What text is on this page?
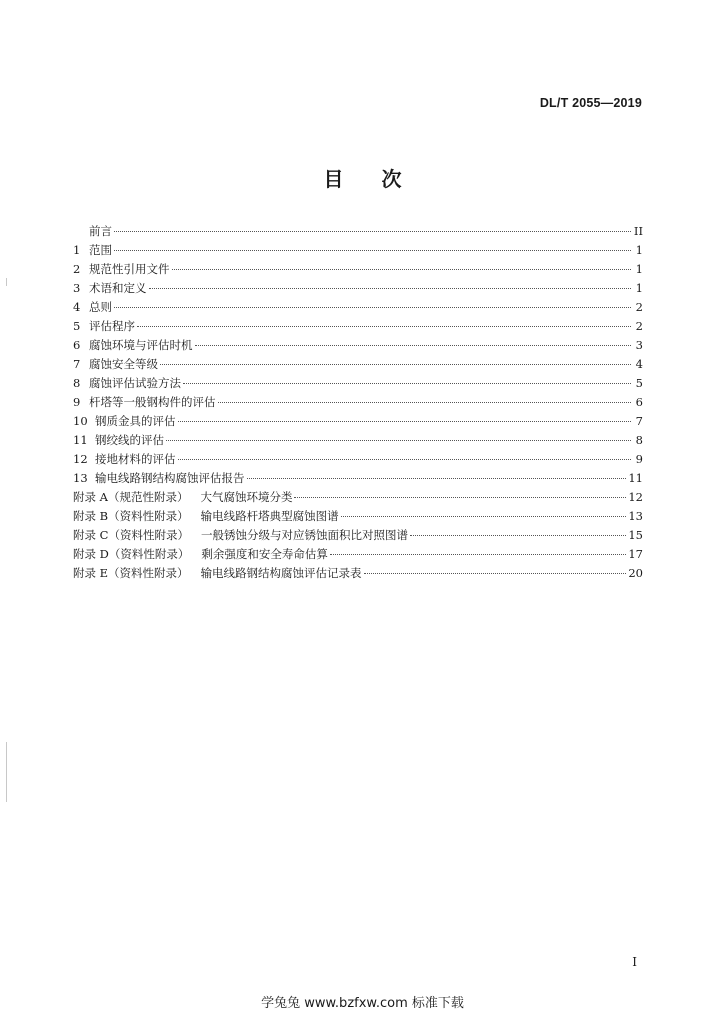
DL/T 2055—2019
目次
前言	II
1 范围	1
2 规范性引用文件	1
3 术语和定义	1
4 总则	2
5 评估程序	2
6 腐蚀环境与评估时机	3
7 腐蚀安全等级	4
8 腐蚀评估试验方法	5
9 杆塔等一般钢构件的评估	6
10 钢质金具的评估	7
11 钢绞线的评估	8
12 接地材料的评估	9
13 输电线路钢结构腐蚀评估报告	11
附录 A（规范性附录） 大气腐蚀环境分类	12
附录 B（资料性附录） 输电线路杆塔典型腐蚀图谱	13
附录 C（资料性附录） 一般锈蚀分级与对应锈蚀面积比对照图谱	15
附录 D（资料性附录） 剩余强度和安全寿命估算	17
附录 E（资料性附录） 输电线路钢结构腐蚀评估记录表	20
I
学兔兔 www.bzfxw.com 标准下载
